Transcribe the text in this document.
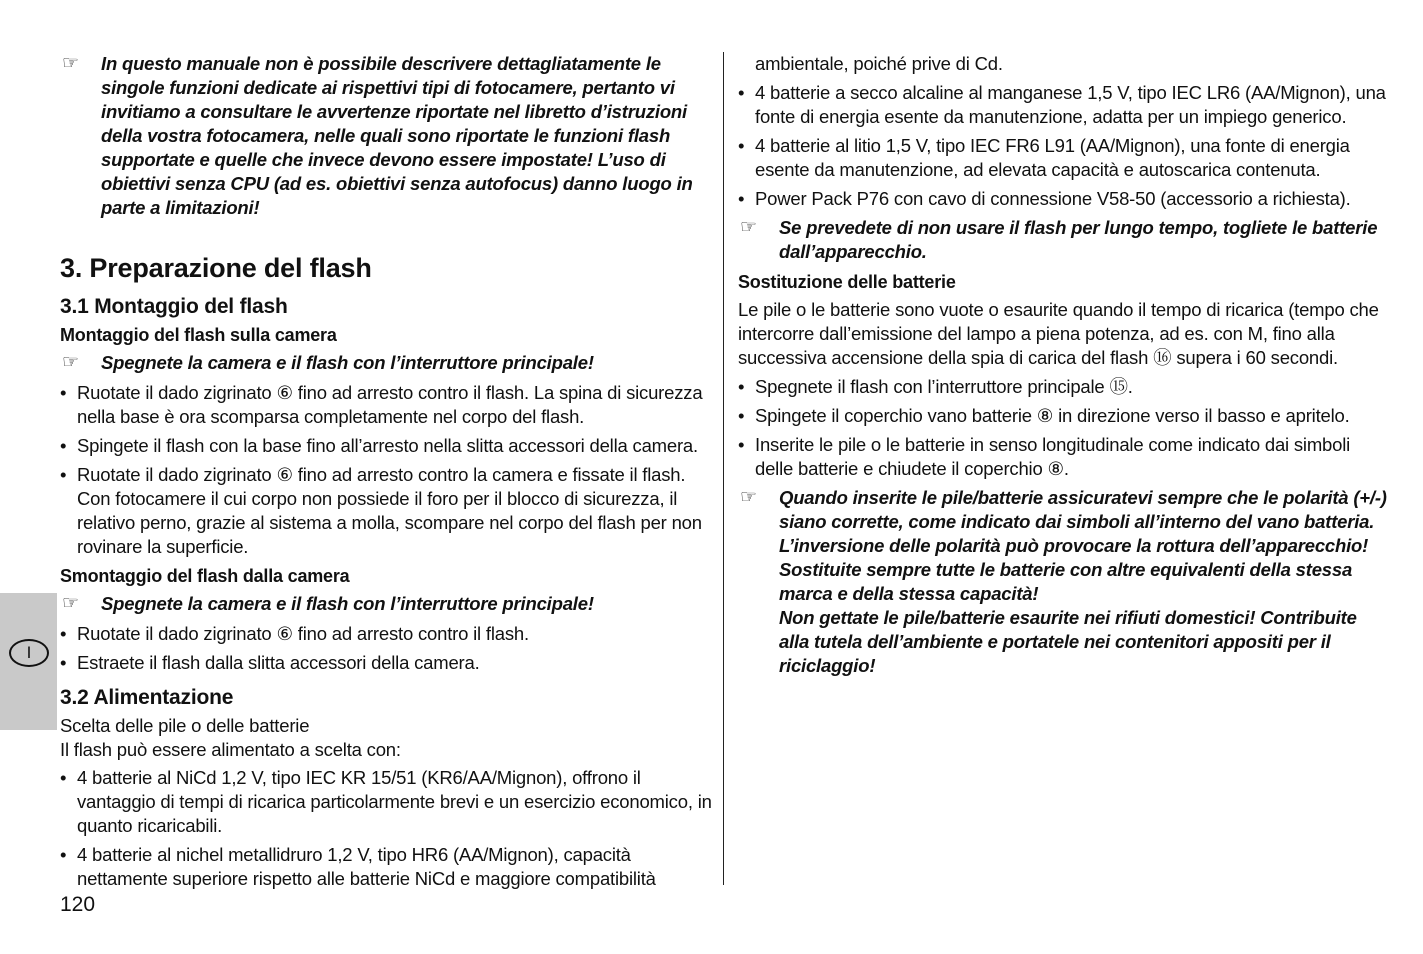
I
☞ In questo manuale non è possibile descrivere dettagliatamente le singole funzioni dedicate ai rispettivi tipi di fotocamere, pertanto vi invitiamo a consultare le avvertenze riportate nel libretto d’istruzioni della vostra fotocamera, nelle quali sono riportate le funzioni flash supportate e quelle che invece devono essere impostate! L’uso di obiettivi senza CPU (ad es. obiettivi senza autofocus) danno luogo in parte a limitazioni!
3. Preparazione del flash
3.1 Montaggio del flash
Montaggio del flash sulla camera
☞ Spegnete la camera e il flash con l’interruttore principale!
• Ruotate il dado zigrinato ⑥ fino ad arresto contro il flash. La spina di sicurezza nella base è ora scomparsa completamente nel corpo del flash.
• Spingete il flash con la base fino all’arresto nella slitta accessori della camera.
• Ruotate il dado zigrinato ⑥ fino ad arresto contro la camera e fissate il flash. Con fotocamere il cui corpo non possiede il foro per il blocco di sicurezza, il relativo perno, grazie al sistema a molla, scompare nel corpo del flash per non rovinare la superficie.
Smontaggio del flash dalla camera
☞ Spegnete la camera e il flash con l’interruttore principale!
• Ruotate il dado zigrinato ⑥ fino ad arresto contro il flash.
• Estraete il flash dalla slitta accessori della camera.
3.2 Alimentazione

Scelta delle pile o delle batterie

Il flash può essere alimentato a scelta con:

• 4 batterie al NiCd 1,2 V, tipo IEC KR 15/51 (KR6/AA/Mignon), offrono il vantaggio di tempi di ricarica particolarmente brevi e un esercizio economico, in quanto ricaricabili.
• 4 batterie al nichel metallidruro 1,2 V, tipo HR6 (AA/Mignon), capacità nettamente superiore rispetto alle batterie NiCd e maggiore compatibilità

ambientale, poiché prive di Cd.

• 4 batterie a secco alcaline al manganese 1,5 V, tipo IEC LR6 (AA/Mignon), una fonte di energia esente da manutenzione, adatta per un impiego generico.
• 4 batterie al litio 1,5 V, tipo IEC FR6 L91 (AA/Mignon), una fonte di energia esente da manutenzione, ad elevata capacità e autoscarica contenuta.
• Power Pack P76 con cavo di connessione V58-50 (accessorio a richiesta).
☞ Se prevedete di non usare il flash per lungo tempo, togliete le batterie dall’apparecchio.
Sostituzione delle batterie

Le pile o le batterie sono vuote o esaurite quando il tempo di ricarica (tempo che intercorre dall’emissione del lampo a piena potenza, ad es. con M, fino alla successiva accensione della spia di carica del flash ⑯ supera i 60 secondi.

• Spegnete il flash con l’interruttore principale ⑮.
• Spingete il coperchio vano batterie ⑧ in direzione verso il basso e apritelo.
• Inserite le pile o le batterie in senso longitudinale come indicato dai simboli delle batterie e chiudete il coperchio ⑧.
☞ Quando inserite le pile/batterie assicuratevi sempre che le polarità (+/-) siano corrette, come indicato dai simboli all’interno del vano batteria. L’inversione delle polarità può provocare la rottura dell’apparecchio! Sostituite sempre tutte le batterie con altre equivalenti della stessa marca e della stessa capacità!
Non gettate le pile/batterie esaurite nei rifiuti domestici! Contribuite alla tutela dell’ambiente e portatele nei contenitori appositi per il riciclaggio!
120
